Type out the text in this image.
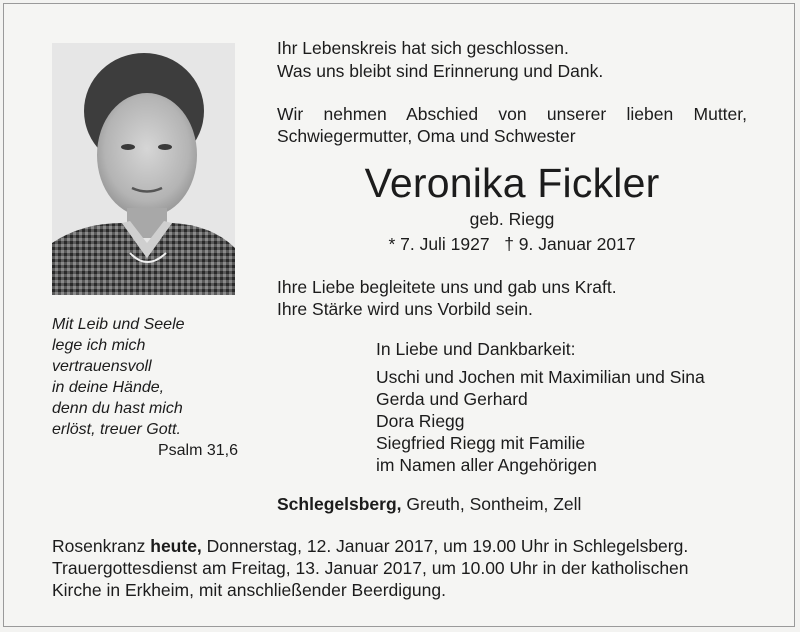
Mit Leib und Seele
lege ich mich
vertrauensvoll
in deine Hände,
denn du hast mich
erlöst, treuer Gott.
Psalm 31,6
Ihr Lebenskreis hat sich geschlossen.
Was uns bleibt sind Erinnerung und Dank.
Wir nehmen Abschied von unserer lieben Mutter,
Schwiegermutter, Oma und Schwester
Veronika Fickler
geb. Riegg
* 7. Juli 1927   † 9. Januar 2017
Ihre Liebe begleitete uns und gab uns Kraft.
Ihre Stärke wird uns Vorbild sein.
In Liebe und Dankbarkeit:
Uschi und Jochen mit Maximilian und Sina
Gerda und Gerhard
Dora Riegg
Siegfried Riegg mit Familie
im Namen aller Angehörigen
Schlegelsberg, Greuth, Sontheim, Zell
Rosenkranz heute, Donnerstag, 12. Januar 2017, um 19.00 Uhr in Schlegelsberg.
Trauergottesdienst am Freitag, 13. Januar 2017, um 10.00 Uhr in der katholischen
Kirche in Erkheim, mit anschließender Beerdigung.
